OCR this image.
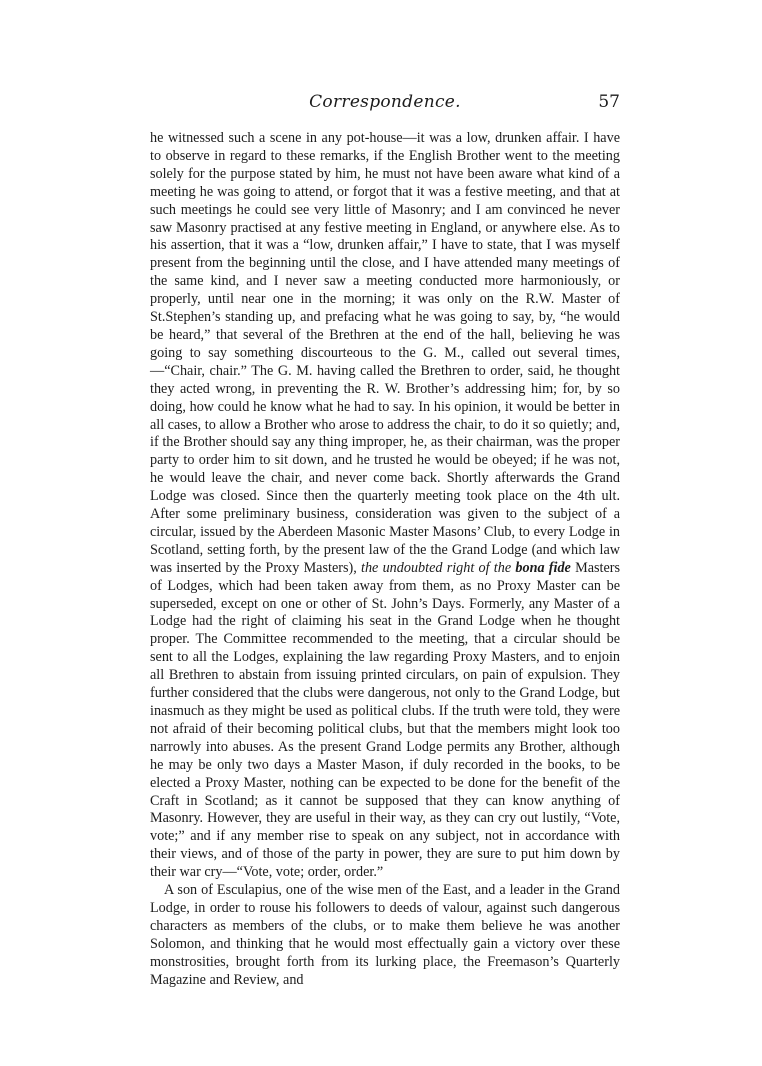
Correspondence.	57

he witnessed such a scene in any pot-house—it was a low, drunken affair. I have to observe in regard to these remarks, if the English Brother went to the meeting solely for the purpose stated by him, he must not have been aware what kind of a meeting he was going to attend, or forgot that it was a festive meeting, and that at such meetings he could see very little of Masonry; and I am convinced he never saw Masonry practised at any festive meeting in England, or anywhere else. As to his assertion, that it was a “low, drunken affair,” I have to state, that I was myself present from the beginning until the close, and I have attended many meetings of the same kind, and I never saw a meeting conducted more harmoniously, or properly, until near one in the morning; it was only on the R.W. Master of St.Stephen’s standing up, and prefacing what he was going to say, by, “he would be heard,” that several of the Brethren at the end of the hall, believing he was going to say something discourteous to the G. M., called out several times,—“Chair, chair.” The G. M. having called the Brethren to order, said, he thought they acted wrong, in preventing the R. W. Brother’s addressing him; for, by so doing, how could he know what he had to say. In his opinion, it would be better in all cases, to allow a Brother who arose to address the chair, to do it so quietly; and, if the Brother should say any thing improper, he, as their chairman, was the proper party to order him to sit down, and he trusted he would be obeyed; if he was not, he would leave the chair, and never come back. Shortly afterwards the Grand Lodge was closed. Since then the quarterly meeting took place on the 4th ult. After some preliminary business, consideration was given to the subject of a circular, issued by the Aberdeen Masonic Master Masons’ Club, to every Lodge in Scotland, setting forth, by the present law of the the Grand Lodge (and which law was inserted by the Proxy Masters), the undoubted right of the bona fide Masters of Lodges, which had been taken away from them, as no Proxy Master can be superseded, except on one or other of St. John’s Days. Formerly, any Master of a Lodge had the right of claiming his seat in the Grand Lodge when he thought proper. The Committee recommended to the meeting, that a circular should be sent to all the Lodges, explaining the law regarding Proxy Masters, and to enjoin all Brethren to abstain from issuing printed circulars, on pain of expulsion. They further considered that the clubs were dangerous, not only to the Grand Lodge, but inasmuch as they might be used as political clubs. If the truth were told, they were not afraid of their becoming political clubs, but that the members might look too narrowly into abuses. As the present Grand Lodge permits any Brother, although he may be only two days a Master Mason, if duly recorded in the books, to be elected a Proxy Master, nothing can be expected to be done for the benefit of the Craft in Scotland; as it cannot be supposed that they can know anything of Masonry. However, they are useful in their way, as they can cry out lustily, “Vote, vote;” and if any member rise to speak on any subject, not in accordance with their views, and of those of the party in power, they are sure to put him down by their war cry—“Vote, vote; order, order.”

A son of Esculapius, one of the wise men of the East, and a leader in the Grand Lodge, in order to rouse his followers to deeds of valour, against such dangerous characters as members of the clubs, or to make them believe he was another Solomon, and thinking that he would most effectually gain a victory over these monstrosities, brought forth from its lurking place, the Freemason’s Quarterly Magazine and Review, and
